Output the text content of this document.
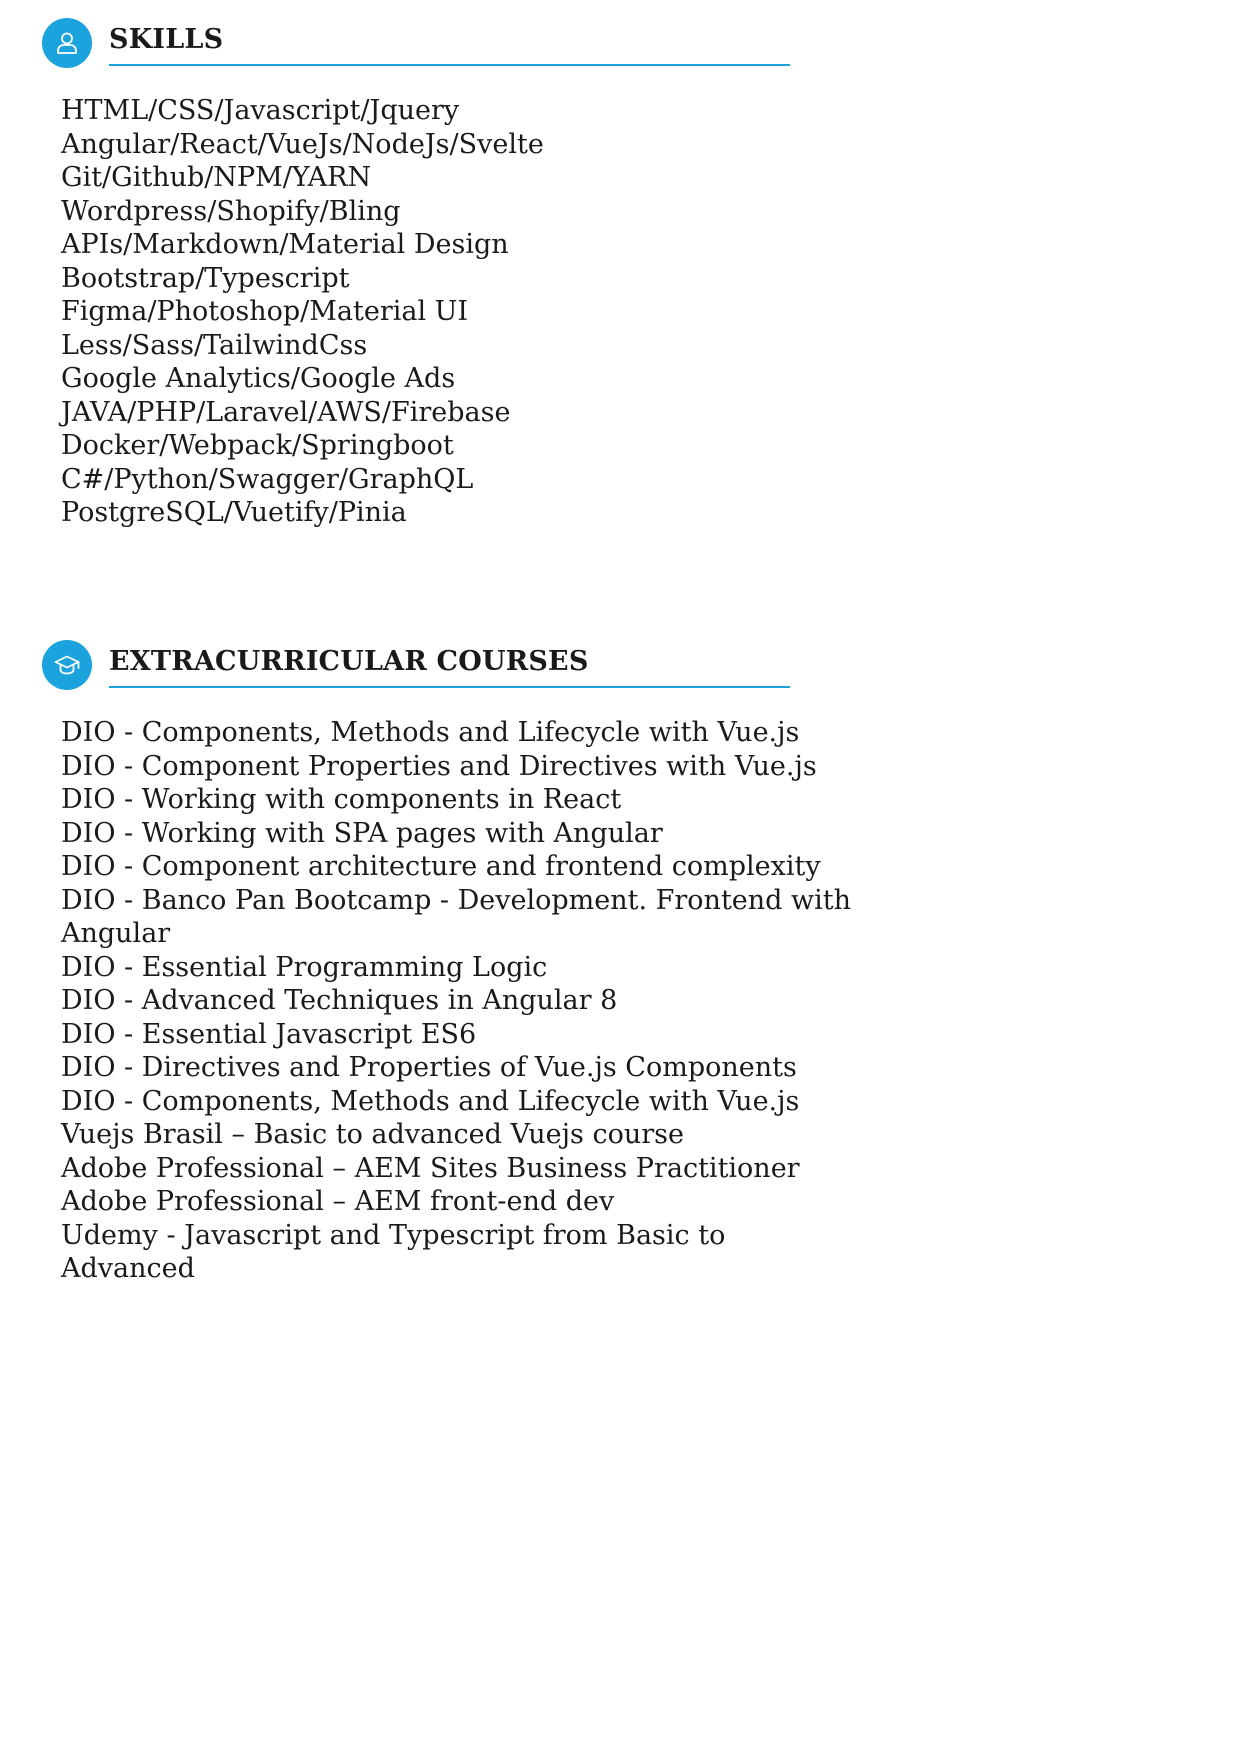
SKILLS
HTML/CSS/Javascript/Jquery
Angular/React/VueJs/NodeJs/Svelte
Git/Github/NPM/YARN
Wordpress/Shopify/Bling
APIs/Markdown/Material Design
Bootstrap/Typescript
Figma/Photoshop/Material UI
Less/Sass/TailwindCss
Google Analytics/Google Ads
JAVA/PHP/Laravel/AWS/Firebase
Docker/Webpack/Springboot
C#/Python/Swagger/GraphQL
PostgreSQL/Vuetify/Pinia
EXTRACURRICULAR COURSES
DIO - Components, Methods and Lifecycle with Vue.js
DIO - Component Properties and Directives with Vue.js
DIO - Working with components in React
DIO - Working with SPA pages with Angular
DIO - Component architecture and frontend complexity
DIO - Banco Pan Bootcamp - Development. Frontend with Angular
DIO - Essential Programming Logic
DIO - Advanced Techniques in Angular 8
DIO - Essential Javascript ES6
DIO - Directives and Properties of Vue.js Components
DIO - Components, Methods and Lifecycle with Vue.js
Vuejs Brasil – Basic to advanced Vuejs course
Adobe Professional – AEM Sites Business Practitioner
Adobe Professional – AEM front-end dev
Udemy - Javascript and Typescript from Basic to Advanced
